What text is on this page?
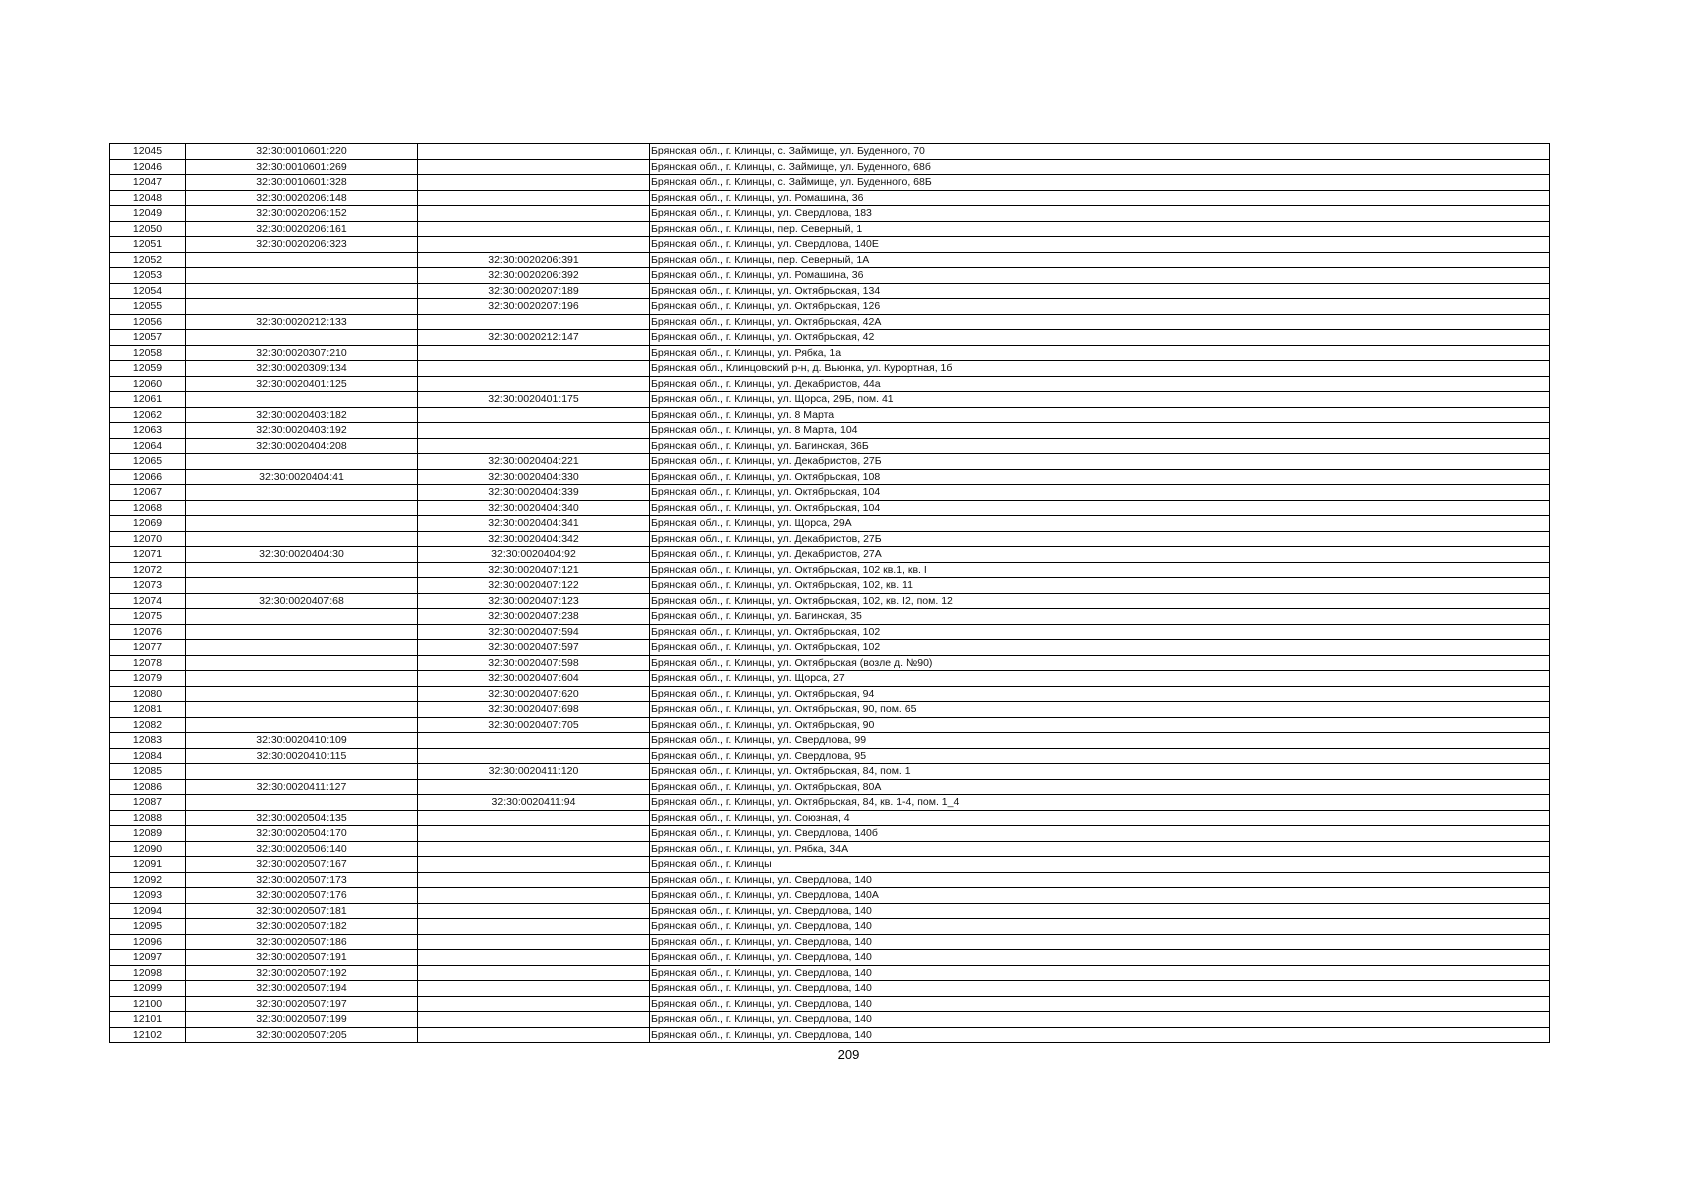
12045	32:30:0010601:220		Брянская обл., г. Клинцы, с. Займище, ул. Буденного, 70
12046	32:30:0010601:269		Брянская обл., г. Клинцы, с. Займище, ул. Буденного, 68б
12047	32:30:0010601:328		Брянская обл., г. Клинцы, с. Займище, ул. Буденного, 68Б
12048	32:30:0020206:148		Брянская обл., г. Клинцы, ул. Ромашина, 36
12049	32:30:0020206:152		Брянская обл., г. Клинцы, ул. Свердлова, 183
12050	32:30:0020206:161		Брянская обл., г. Клинцы, пер. Северный, 1
12051	32:30:0020206:323		Брянская обл., г. Клинцы, ул. Свердлова, 140Е
12052		32:30:0020206:391	Брянская обл., г. Клинцы, пер. Северный, 1А
12053		32:30:0020206:392	Брянская обл., г. Клинцы, ул. Ромашина, 36
12054		32:30:0020207:189	Брянская обл., г. Клинцы, ул. Октябрьская, 134
12055		32:30:0020207:196	Брянская обл., г. Клинцы, ул. Октябрьская, 126
12056	32:30:0020212:133		Брянская обл., г. Клинцы, ул. Октябрьская, 42А
12057		32:30:0020212:147	Брянская обл., г. Клинцы, ул. Октябрьская, 42
12058	32:30:0020307:210		Брянская обл., г. Клинцы, ул. Рябка, 1а
12059	32:30:0020309:134		Брянская обл., Клинцовский р-н, д. Вьюнка, ул. Курортная, 1б
12060	32:30:0020401:125		Брянская обл., г. Клинцы, ул. Декабристов, 44а
12061		32:30:0020401:175	Брянская обл., г. Клинцы, ул. Щорса, 29Б, пом. 41
12062	32:30:0020403:182		Брянская обл., г. Клинцы, ул. 8 Марта
12063	32:30:0020403:192		Брянская обл., г. Клинцы, ул. 8 Марта, 104
12064	32:30:0020404:208		Брянская обл., г. Клинцы, ул. Багинская, 36Б
12065		32:30:0020404:221	Брянская обл., г. Клинцы, ул. Декабристов, 27Б
12066	32:30:0020404:41	32:30:0020404:330	Брянская обл., г. Клинцы, ул. Октябрьская, 108
12067		32:30:0020404:339	Брянская обл., г. Клинцы, ул. Октябрьская, 104
12068		32:30:0020404:340	Брянская обл., г. Клинцы, ул. Октябрьская, 104
12069		32:30:0020404:341	Брянская обл., г. Клинцы, ул. Щорса, 29А
12070		32:30:0020404:342	Брянская обл., г. Клинцы, ул. Декабристов, 27Б
12071	32:30:0020404:30	32:30:0020404:92	Брянская обл., г. Клинцы, ул. Декабристов, 27А
12072		32:30:0020407:121	Брянская обл., г. Клинцы, ул. Октябрьская, 102 кв.1, кв. I
12073		32:30:0020407:122	Брянская обл., г. Клинцы, ул. Октябрьская, 102, кв. 11
12074	32:30:0020407:68	32:30:0020407:123	Брянская обл., г. Клинцы, ул. Октябрьская, 102, кв. I2, пом. 12
12075		32:30:0020407:238	Брянская обл., г. Клинцы, ул. Багинская, 35
12076		32:30:0020407:594	Брянская обл., г. Клинцы, ул. Октябрьская, 102
12077		32:30:0020407:597	Брянская обл., г. Клинцы, ул. Октябрьская, 102
12078		32:30:0020407:598	Брянская обл., г. Клинцы, ул. Октябрьская (возле д. №90)
12079		32:30:0020407:604	Брянская обл., г. Клинцы, ул. Щорса, 27
12080		32:30:0020407:620	Брянская обл., г. Клинцы, ул. Октябрьская, 94
12081		32:30:0020407:698	Брянская обл., г. Клинцы, ул. Октябрьская, 90, пом. 65
12082		32:30:0020407:705	Брянская обл., г. Клинцы, ул. Октябрьская, 90
12083	32:30:0020410:109		Брянская обл., г. Клинцы, ул. Свердлова, 99
12084	32:30:0020410:115		Брянская обл., г. Клинцы, ул. Свердлова, 95
12085		32:30:0020411:120	Брянская обл., г. Клинцы, ул. Октябрьская, 84, пом. 1
12086	32:30:0020411:127		Брянская обл., г. Клинцы, ул. Октябрьская, 80А
12087		32:30:0020411:94	Брянская обл., г. Клинцы, ул. Октябрьская, 84, кв. 1-4, пом. 1_4
12088	32:30:0020504:135		Брянская обл., г. Клинцы, ул. Союзная, 4
12089	32:30:0020504:170		Брянская обл., г. Клинцы, ул. Свердлова, 140б
12090	32:30:0020506:140		Брянская обл., г. Клинцы, ул. Рябка, 34А
12091	32:30:0020507:167		Брянская обл., г. Клинцы
12092	32:30:0020507:173		Брянская обл., г. Клинцы, ул. Свердлова, 140
12093	32:30:0020507:176		Брянская обл., г. Клинцы, ул. Свердлова, 140А
12094	32:30:0020507:181		Брянская обл., г. Клинцы, ул. Свердлова, 140
12095	32:30:0020507:182		Брянская обл., г. Клинцы, ул. Свердлова, 140
12096	32:30:0020507:186		Брянская обл., г. Клинцы, ул. Свердлова, 140
12097	32:30:0020507:191		Брянская обл., г. Клинцы, ул. Свердлова, 140
12098	32:30:0020507:192		Брянская обл., г. Клинцы, ул. Свердлова, 140
12099	32:30:0020507:194		Брянская обл., г. Клинцы, ул. Свердлова, 140
12100	32:30:0020507:197		Брянская обл., г. Клинцы, ул. Свердлова, 140
12101	32:30:0020507:199		Брянская обл., г. Клинцы, ул. Свердлова, 140
12102	32:30:0020507:205		Брянская обл., г. Клинцы, ул. Свердлова, 140
209
